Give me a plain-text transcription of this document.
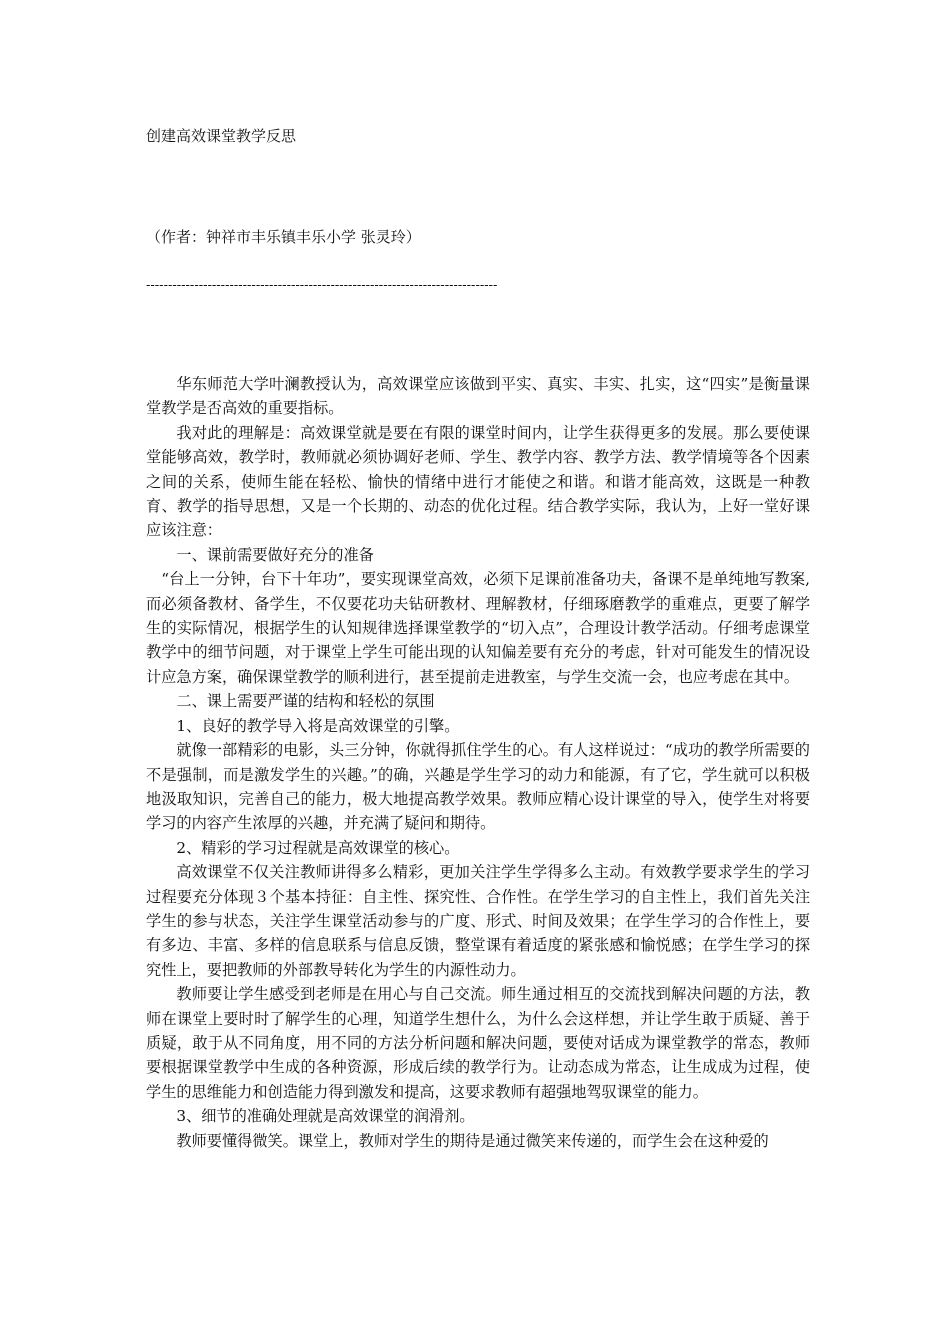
创建高效课堂教学反思
（作者：钟祥市丰乐镇丰乐小学 张灵玲）
--------------------------------------------------------------------------------

华东师范大学叶澜教授认为，高效课堂应该做到平实、真实、丰实、扎实，这“四实”是衡量课堂教学是否高效的重要指标。

我对此的理解是：高效课堂就是要在有限的课堂时间内，让学生获得更多的发展。那么要使课堂能够高效，教学时，教师就必须协调好老师、学生、教学内容、教学方法、教学情境等各个因素之间的关系，使师生能在轻松、愉快的情绪中进行才能使之和谐。和谐才能高效，这既是一种教育、教学的指导思想，又是一个长期的、动态的优化过程。结合教学实际，我认为，上好一堂好课应该注意：

一、课前需要做好充分的准备

“台上一分钟，台下十年功”，要实现课堂高效，必须下足课前准备功夫，备课不是单纯地写教案,而必须备教材、备学生，不仅要花功夫钻研教材、理解教材，仔细琢磨教学的重难点，更要了解学生的实际情况，根据学生的认知规律选择课堂教学的“切入点”，合理设计教学活动。仔细考虑课堂教学中的细节问题，对于课堂上学生可能出现的认知偏差要有充分的考虑，针对可能发生的情况设计应急方案，确保课堂教学的顺利进行，甚至提前走进教室，与学生交流一会，也应考虑在其中。

二、课上需要严谨的结构和轻松的氛围

1、良好的教学导入将是高效课堂的引擎。

就像一部精彩的电影，头三分钟，你就得抓住学生的心。有人这样说过：“成功的教学所需要的不是强制，而是激发学生的兴趣。”的确，兴趣是学生学习的动力和能源，有了它，学生就可以积极地汲取知识，完善自己的能力，极大地提高教学效果。教师应精心设计课堂的导入，使学生对将要学习的内容产生浓厚的兴趣，并充满了疑问和期待。

2、精彩的学习过程就是高效课堂的核心。

高效课堂不仅关注教师讲得多么精彩，更加关注学生学得多么主动。有效教学要求学生的学习过程要充分体现３个基本持征：自主性、探究性、合作性。在学生学习的自主性上，我们首先关注学生的参与状态，关注学生课堂活动参与的广度、形式、时间及效果；在学生学习的合作性上，要有多边、丰富、多样的信息联系与信息反馈，整堂课有着适度的紧张感和愉悦感；在学生学习的探究性上，要把教师的外部教导转化为学生的内源性动力。

教师要让学生感受到老师是在用心与自己交流。师生通过相互的交流找到解决问题的方法，教师在课堂上要时时了解学生的心理，知道学生想什么，为什么会这样想，并让学生敢于质疑、善于质疑，敢于从不同角度，用不同的方法分析问题和解决问题，要使对话成为课堂教学的常态，教师要根据课堂教学中生成的各种资源，形成后续的教学行为。让动态成为常态，让生成成为过程，使学生的思维能力和创造能力得到激发和提高，这要求教师有超强地驾驭课堂的能力。

3、细节的准确处理就是高效课堂的润滑剂。

教师要懂得微笑。课堂上，教师对学生的期待是通过微笑来传递的，而学生会在这种爱的
